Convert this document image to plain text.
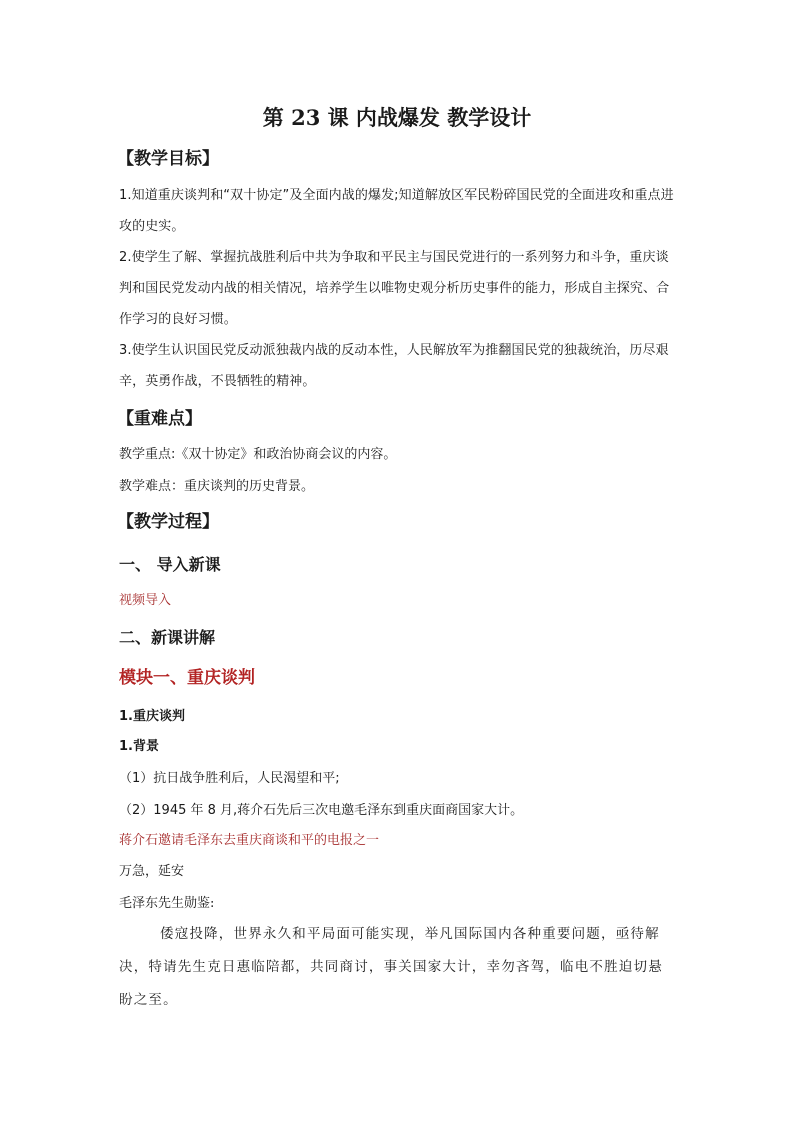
第 23 课 内战爆发 教学设计
【教学目标】
1.知道重庆谈判和“双十协定”及全面内战的爆发;知道解放区军民粉碎国民党的全面进攻和重点进攻的史实。
2.使学生了解、掌握抗战胜利后中共为争取和平民主与国民党进行的一系列努力和斗争，重庆谈判和国民党发动内战的相关情况，培养学生以唯物史观分析历史事件的能力，形成自主探究、合作学习的良好习惯。
3.使学生认识国民党反动派独裁内战的反动本性，人民解放军为推翻国民党的独裁统治，历尽艰辛，英勇作战，不畏牺牲的精神。
【重难点】
教学重点:《双十协定》和政治协商会议的内容。
教学难点：重庆谈判的历史背景。
【教学过程】
一、 导入新课
视频导入
二、新课讲解
模块一、重庆谈判
1.重庆谈判
1.背景
（1）抗日战争胜利后，人民渴望和平;
（2）1945 年 8 月,蒋介石先后三次电邀毛泽东到重庆面商国家大计。
蒋介石邀请毛泽东去重庆商谈和平的电报之一
万急，延安
毛泽东先生勋鉴:
倭寇投降，世界永久和平局面可能实现，举凡国际国内各种重要问题，亟待解决，特请先生克日惠临陪都，共同商讨，事关国家大计，幸勿吝驾，临电不胜迫切悬盼之至。
